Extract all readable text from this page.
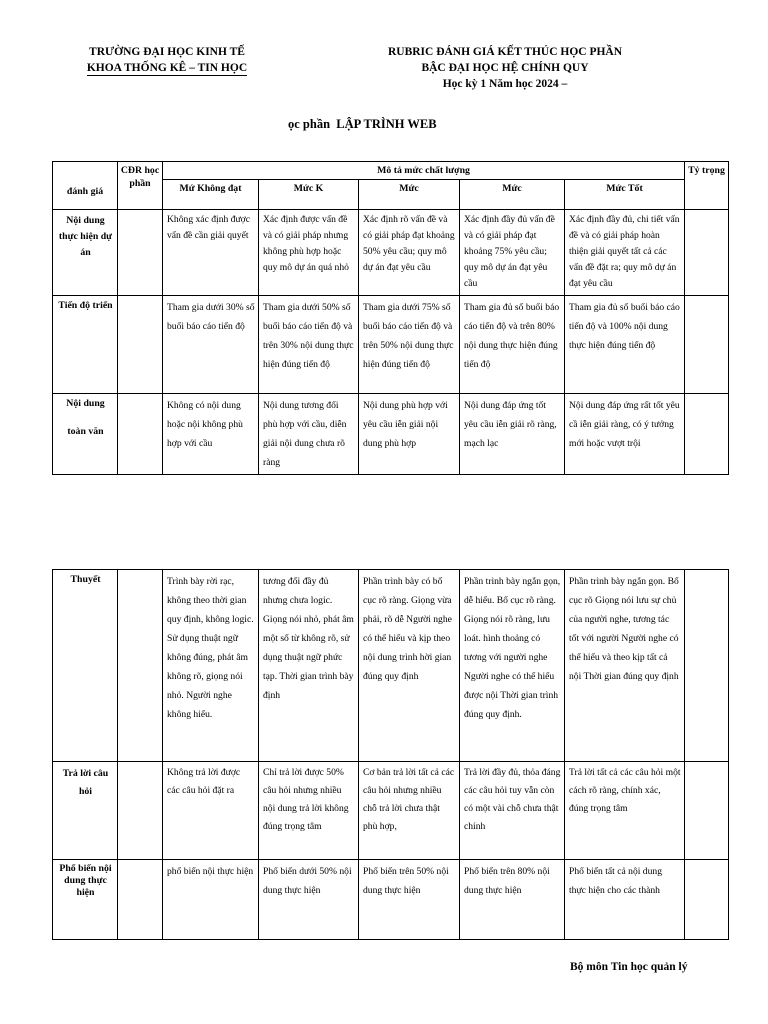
TRƯỜNG ĐẠI HỌC KINH TẾ
KHOA THỐNG KÊ – TIN HỌC
RUBRIC ĐÁNH GIÁ KẾT THÚC HỌC PHẦN
BẬC ĐẠI HỌC HỆ CHÍNH QUY
Học kỳ 1 Năm học 2024 –
ọc phần LẬP TRÌNH WEB
đánh giá	CĐR học phần	Mô tả mức chất lượng					Tỷ trọng
		Mứ Không đạt	Mức K	Mức	Mức	Mức Tốt	
Nội dung thực hiện dự án		Không xác định được vấn đề cần giải quyết	Xác định được vấn đề và có giải pháp nhưng không phù hợp hoặc quy mô dự án quá nhỏ	Xác định rõ vấn đề và có giải pháp đạt khoảng 50% yêu cầu; quy mô dự án đạt yêu cầu	Xác định đầy đủ vấn đề và có giải pháp đạt khoảng 75% yêu cầu; quy mô dự án đạt yêu cầu	Xác định đầy đủ, chi tiết vấn đề và có giải pháp hoàn thiện giải quyết tất cả các vấn đề đặt ra; quy mô dự án đạt yêu cầu	
Tiến độ triển		Tham gia dưới 30% số buổi báo cáo tiến độ	Tham gia dưới 50% số buổi báo cáo tiến độ và trên 30% nội dung thực hiện đúng tiến độ	Tham gia dưới 75% số buổi báo cáo tiến độ và trên 50% nội dung thực hiện đúng tiến độ	Tham gia đủ số buổi báo cáo tiến độ và trên 80% nội dung thực hiện đúng tiến độ	Tham gia đủ số buổi báo cáo tiến độ và 100% nội dung thực hiện đúng tiến độ	

Nội dung
toàn văn		Không có nội dung hoặc nội không phù hợp với cầu	Nội dung tương đối phù hợp với cầu, diễn giải nội dung chưa rõ ràng	Nội dung phù hợp với yêu cầu iễn giải nội dung phù hợp	Nội dung đáp ứng tốt yêu cầu iễn giải rõ ràng, mạch lạc	Nội dung đáp ứng rất tốt yêu cầ iễn giải ràng, có ý tưởng mới hoặc vượt trội	
Thuyết		Trình bày rời rạc, không theo thời gian quy định, không logic. Sử dụng thuật ngữ không đúng, phát âm không rõ, giọng nói nhỏ. Người nghe không hiểu.	tương đối đầy đủ nhưng chưa logic. Giọng nói nhỏ, phát âm một số từ không rõ, sử dụng thuật ngữ phức tạp. Thời gian trình bày định	Phần trình bày có bố cục rõ ràng. Giọng vừa phải, rõ dễ Người nghe có thể hiểu và kịp theo nội dung trình hời gian đúng quy định	Phần trình bày ngắn gọn, dễ hiểu. Bố cục rõ ràng. Giọng nói rõ ràng, lưu loát. hình thoảng có tương với người nghe Người nghe có thể hiểu được nội Thời gian trình đúng quy định.	Phần trình bày ngắn gọn. Bố cục rõ Giọng nói lưu sự chủ của người nghe, tương tác tốt với người Người nghe có thể hiểu và theo kịp tất cả nội Thời gian đúng quy định	
Trả lời câu hỏi		Không trả lời được các câu hỏi đặt ra	Chỉ trả lời được 50% câu hỏi nhưng nhiều nội dung trả lời không đúng trọng tâm	Cơ bản trả lời tất cả các câu hỏi nhưng nhiều chỗ trả lời chưa thật phù hợp,	Trả lời đầy đủ, thỏa đáng các câu hỏi tuy vẫn còn có một vài chỗ chưa thật chính	Trả lời tất cả các câu hỏi một cách rõ ràng, chính xác, đúng trọng tâm	
Phổ biến nội dung thực hiện		phổ biến nội thực hiện	Phổ biến dưới 50% nội dung thực hiện	Phổ biến trên 50% nội dung thực hiện	Phổ biến trên 80% nội dung thực hiện	Phổ biến tất cả nội dung thực hiện cho các thành	
Bộ môn Tin học quản lý
